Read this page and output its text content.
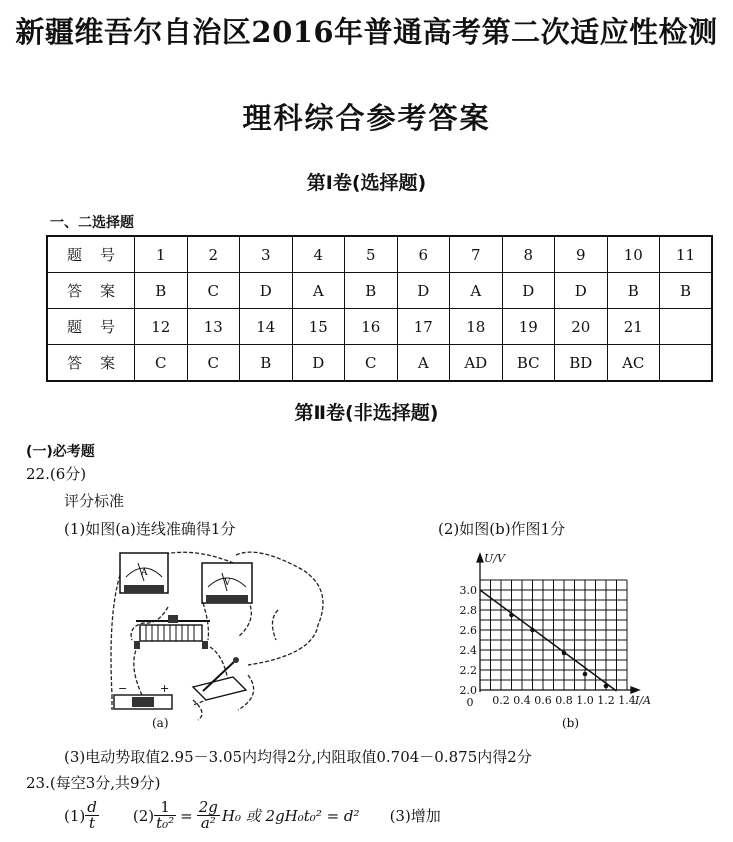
新疆维吾尔自治区2016年普通高考第二次适应性检测
理科综合参考答案
第Ⅰ卷(选择题)
一、二选择题
题号	1	2	3	4	5	6	7	8	9	10	11
答案	B	C	D	A	B	D	A	D	D	B	B
题号	12	13	14	15	16	17	18	19	20	21	
答案	C	C	B	D	C	A	AD	BC	BD	AC	
第Ⅱ卷(非选择题)
(一)必考题
22.(6分)
评分标准
(1)如图(a)连线准确得1分	(2)如图(b)作图1分
A
V
−	+
(a)
2.0
2.2
2.4
2.6
2.8
3.0
0.2 0.4 0.6 0.8 1.0 1.2 1.4
0
U/V
I/A
(b)
(3)电动势取值2.95－3.05内均得2分,内阻取值0.704－0.875内得2分
23.(每空3分,共9分)
$(1) \frac{d}{t} (2) \frac{1}{\text{t₀²}} = \frac{2g}{\text{a²}} H_0$ 或 2gH₀t₀² = d² (3)增加
